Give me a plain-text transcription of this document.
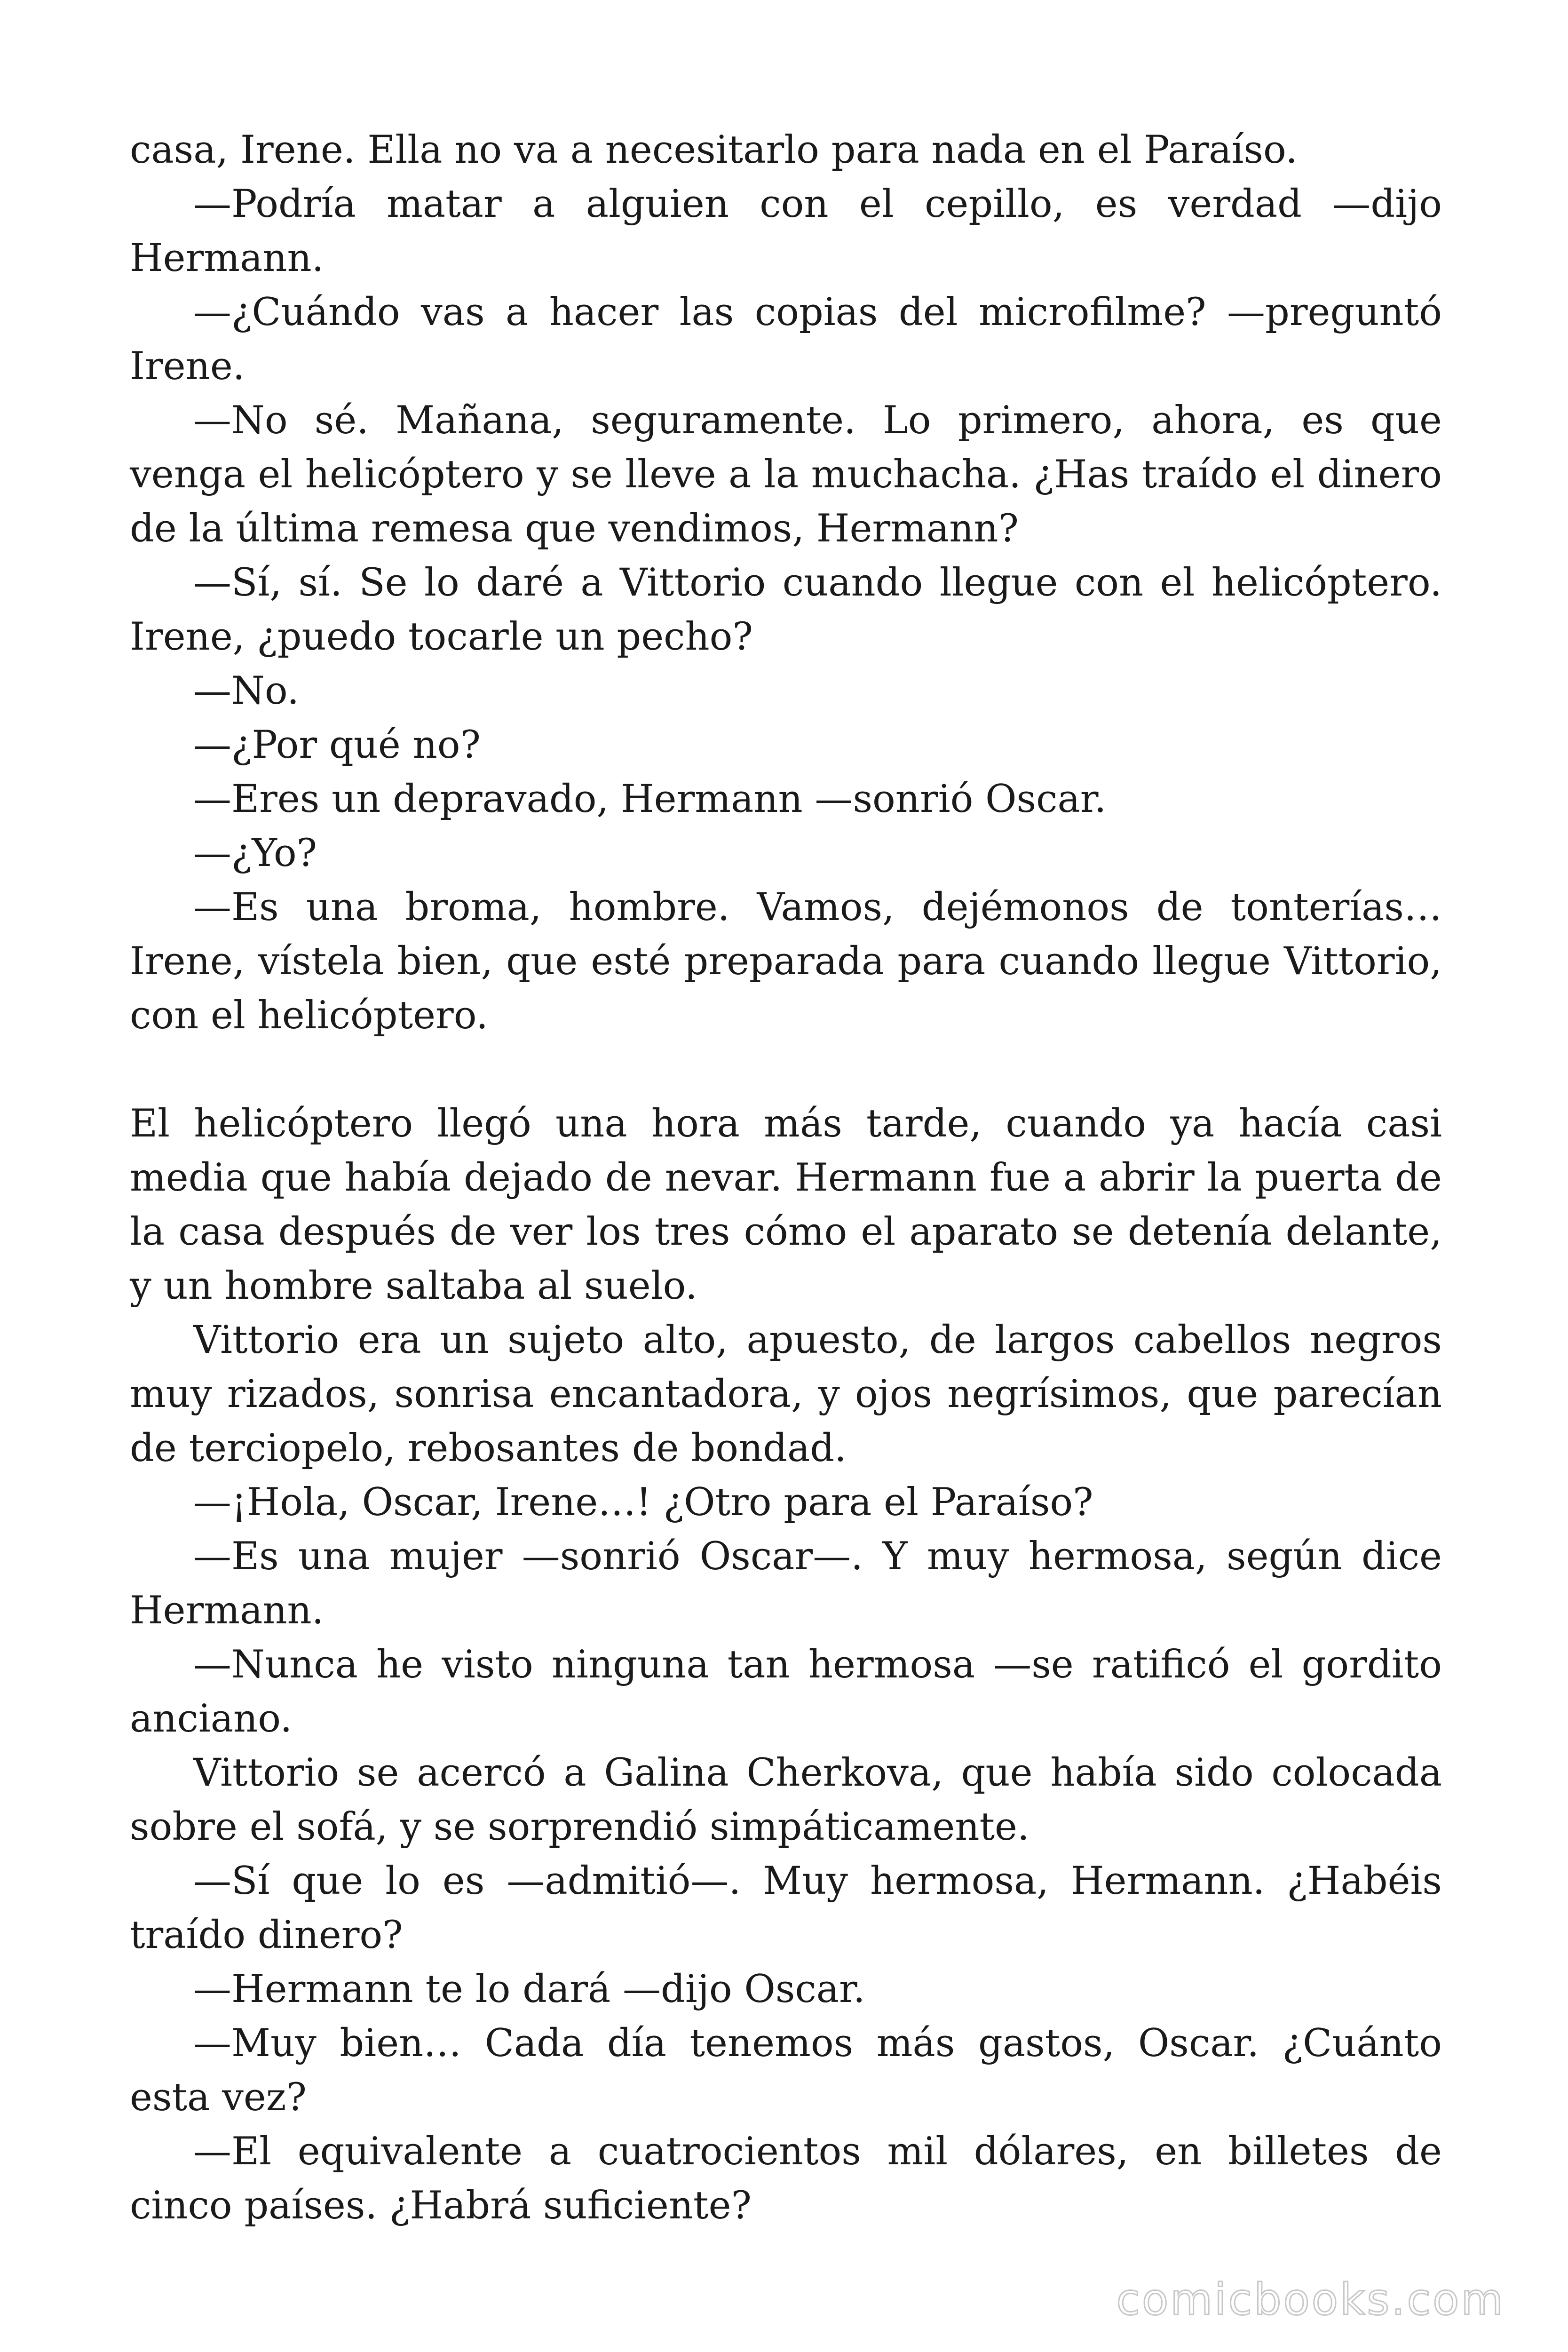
casa, Irene. Ella no va a necesitarlo para nada en el Paraíso.

—Podría matar a alguien con el cepillo, es verdad —dijo Hermann.

—¿Cuándo vas a hacer las copias del microfilme? —preguntó Irene.

—No sé. Mañana, seguramente. Lo primero, ahora, es que venga el helicóptero y se lleve a la muchacha. ¿Has traído el dinero de la última remesa que vendimos, Hermann?

—Sí, sí. Se lo daré a Vittorio cuando llegue con el helicóptero. Irene, ¿puedo tocarle un pecho?

—No.

—¿Por qué no?

—Eres un depravado, Hermann —sonrió Oscar.

—¿Yo?

—Es una broma, hombre. Vamos, dejémonos de tonterías… Irene, vístela bien, que esté preparada para cuando llegue Vittorio, con el helicóptero.

El helicóptero llegó una hora más tarde, cuando ya hacía casi media que había dejado de nevar. Hermann fue a abrir la puerta de la casa después de ver los tres cómo el aparato se detenía delante, y un hombre saltaba al suelo.

Vittorio era un sujeto alto, apuesto, de largos cabellos negros muy rizados, sonrisa encantadora, y ojos negrísimos, que parecían de terciopelo, rebosantes de bondad.

—¡Hola, Oscar, Irene…! ¿Otro para el Paraíso?

—Es una mujer —sonrió Oscar—. Y muy hermosa, según dice Hermann.

—Nunca he visto ninguna tan hermosa —se ratificó el gordito anciano.

Vittorio se acercó a Galina Cherkova, que había sido colocada sobre el sofá, y se sorprendió simpáticamente.

—Sí que lo es —admitió—. Muy hermosa, Hermann. ¿Habéis traído dinero?

—Hermann te lo dará —dijo Oscar.

—Muy bien… Cada día tenemos más gastos, Oscar. ¿Cuánto esta vez?

—El equivalente a cuatrocientos mil dólares, en billetes de cinco países. ¿Habrá suficiente?

comicbooks.com
